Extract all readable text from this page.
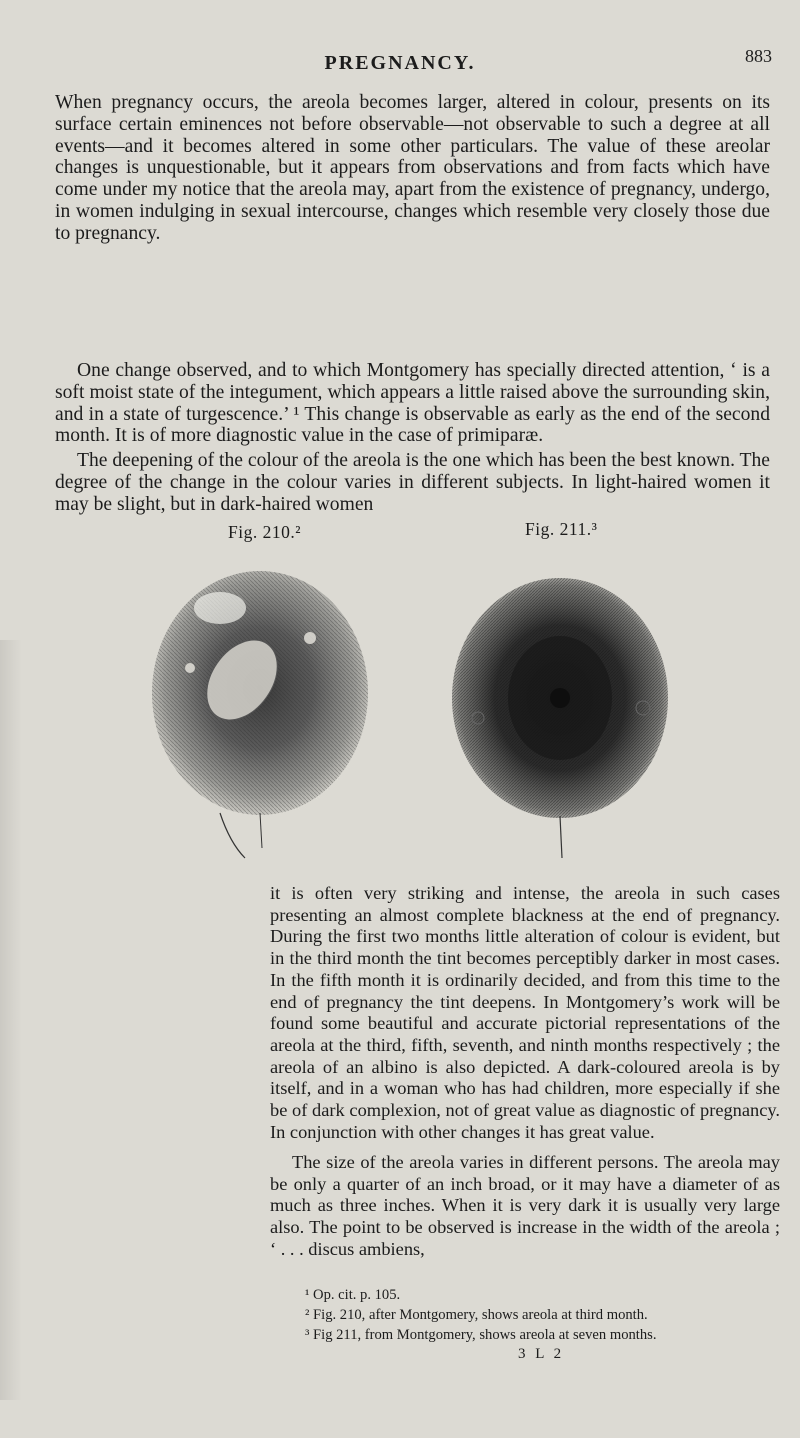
PREGNANCY.	883

When pregnancy occurs, the areola becomes larger, altered in colour, presents on its surface certain eminences not before observable—not observable to such a degree at all events—and it becomes altered in some other particulars. The value of these areolar changes is unquestionable, but it appears from observations and from facts which have come under my notice that the areola may, apart from the existence of pregnancy, undergo, in women indulging in sexual intercourse, changes which resemble very closely those due to pregnancy.

One change observed, and to which Montgomery has specially directed attention, ‘ is a soft moist state of the integument, which appears a little raised above the surrounding skin, and in a state of turgescence.’ ¹ This change is observable as early as the end of the second month. It is of more diagnostic value in the case of primiparæ.

The deepening of the colour of the areola is the one which has been the best known. The degree of the change in the colour varies in different subjects. In light-haired women it may be slight, but in dark-haired women

Fig. 210.²	Fig. 211.³

it is often very striking and intense, the areola in such cases presenting an almost complete blackness at the end of pregnancy. During the first two months little alteration of colour is evident, but in the third month the tint becomes perceptibly darker in most cases. In the fifth month it is ordinarily decided, and from this time to the end of pregnancy the tint deepens. In Montgomery’s work will be found some beautiful and accurate pictorial representations of the areola at the third, fifth, seventh, and ninth months respectively ; the areola of an albino is also depicted. A dark-coloured areola is by itself, and in a woman who has had children, more especially if she be of dark complexion, not of great value as diagnostic of pregnancy. In conjunction with other changes it has great value.

The size of the areola varies in different persons. The areola may be only a quarter of an inch broad, or it may have a diameter of as much as three inches. When it is very dark it is usually very large also. The point to be observed is increase in the width of the areola ; ‘ . . . discus ambiens,

¹ Op. cit. p. 105.

² Fig. 210, after Montgomery, shows areola at third month.

³ Fig 211, from Montgomery, shows areola at seven months.

3 L 2
